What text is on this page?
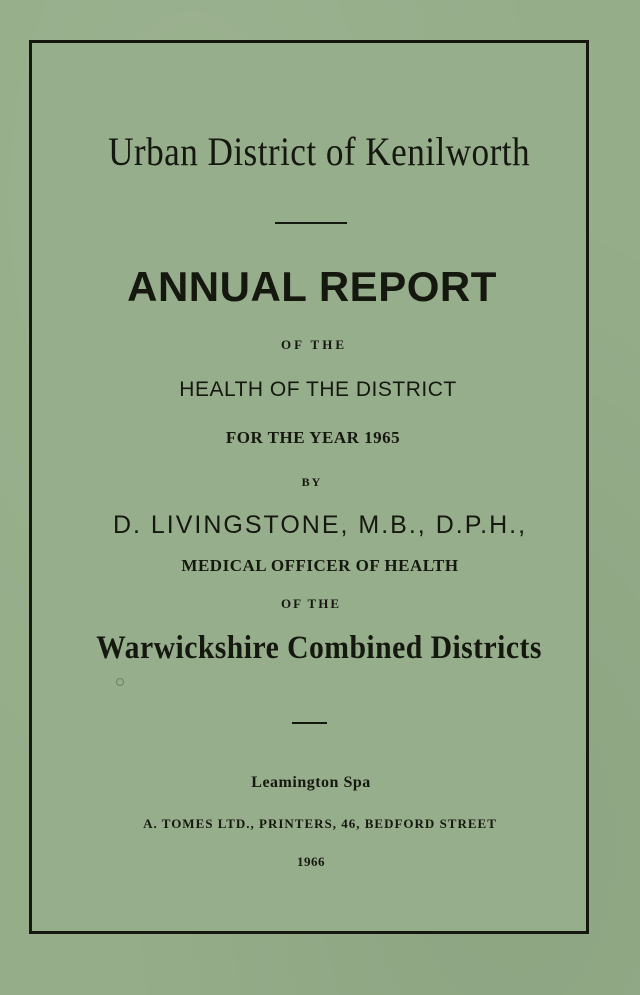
Urban District of Kenilworth
ANNUAL REPORT
OF THE
HEALTH OF THE DISTRICT
FOR THE YEAR 1965
BY
D. LIVINGSTONE, M.B., D.P.H.,
MEDICAL OFFICER OF HEALTH
OF THE
Warwickshire Combined Districts
Leamington Spa
A. TOMES LTD., PRINTERS, 46, BEDFORD STREET
1966
